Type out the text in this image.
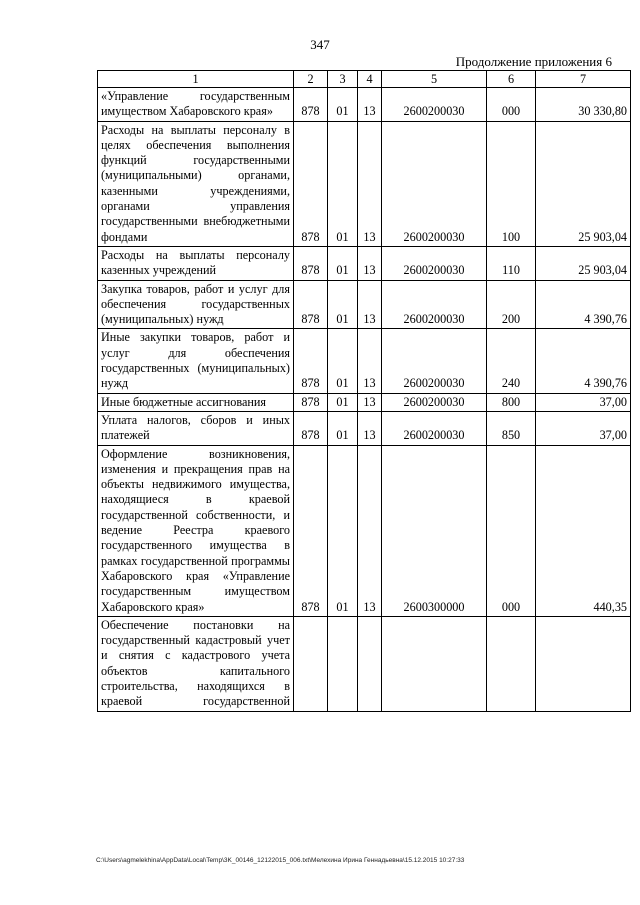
347
Продолжение приложения 6
1	2	3	4	5	6	7
«Управление государственным имуществом Хабаровского края»	878	01	13	2600200030	000	30 330,80
Расходы на выплаты персоналу в целях обеспечения выполнения функций государственными (муниципальными) органами, казенными учреждениями, органами управления государственными внебюджетными фондами	878	01	13	2600200030	100	25 903,04
Расходы на выплаты персоналу казенных учреждений	878	01	13	2600200030	110	25 903,04
Закупка товаров, работ и услуг для обеспечения государственных (муниципальных) нужд	878	01	13	2600200030	200	4 390,76
Иные закупки товаров, работ и услуг для обеспечения государственных (муниципальных) нужд	878	01	13	2600200030	240	4 390,76
Иные бюджетные ассигнования	878	01	13	2600200030	800	37,00
Уплата налогов, сборов и иных платежей	878	01	13	2600200030	850	37,00
Оформление возникновения, изменения и прекращения прав на объекты недвижимого имущества, находящиеся в краевой государственной собственности, и ведение Реестра краевого государственного имущества в рамках государственной программы Хабаровского края «Управление государственным имуществом Хабаровского края»	878	01	13	2600300000	000	440,35
Обеспечение постановки на государственный кадастровый учет и снятия с кадастрового учета объектов капитального строительства, находящихся в краевой государственной						
C:\Users\agmelekhina\AppData\Local\Temp\3K_00146_12122015_006.txt\Мелехина Ирина Геннадьевна\15.12.2015 10:27:33
